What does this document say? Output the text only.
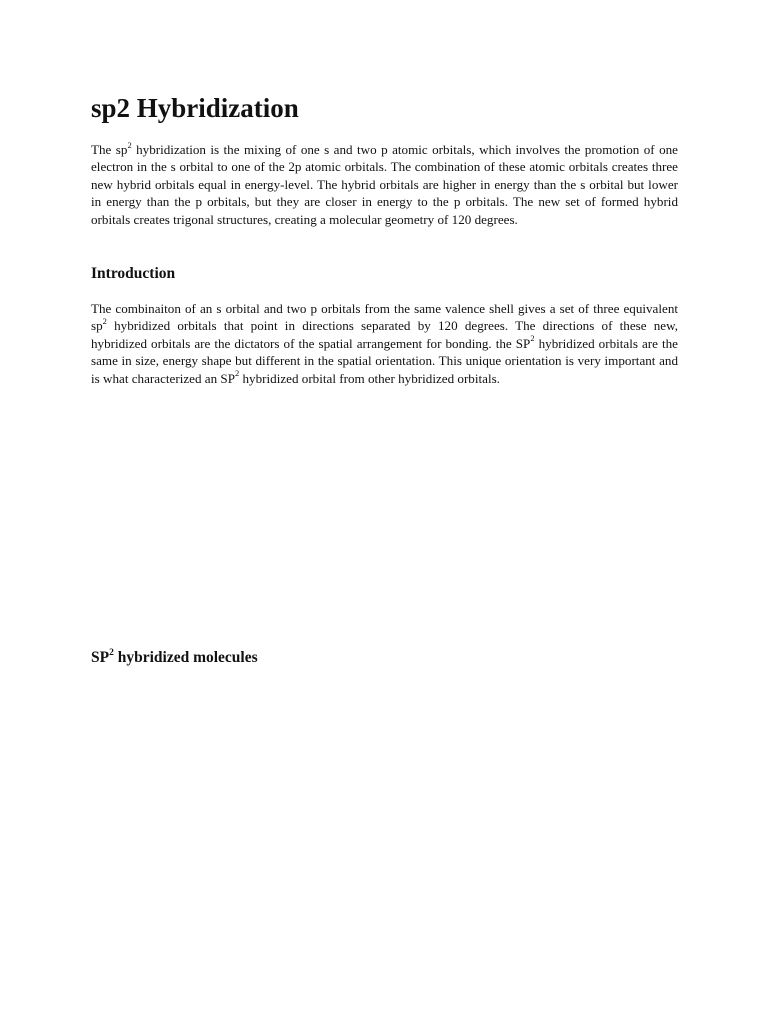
sp2 Hybridization

The $sp^2$ hybridization is the mixing of one s and two p atomic orbitals, which involves the promotion of one electron in the s orbital to one of the 2p atomic orbitals. The combination of these atomic orbitals creates three new hybrid orbitals equal in energy-level. The hybrid orbitals are higher in energy than the s orbital but lower in energy than the p orbitals, but they are closer in energy to the p orbitals. The new set of formed hybrid orbitals creates trigonal structures, creating a molecular geometry of 120 degrees.

Introduction

The combinaiton of an s orbital and two p orbitals from the same valence shell gives a set of three equivalent $sp^2$ hybridized orbitals that point in directions separated by 120 degrees. The directions of these new, hybridized orbitals are the dictators of the spatial arrangement for bonding. the $SP^2$ hybridized orbitals are the same in size, energy shape but different in the spatial orientation. This unique orientation is very important and is what characterized an $SP^2$ hybridized orbital from other hybridized orbitals.

$SP^2$ hybridized molecules
